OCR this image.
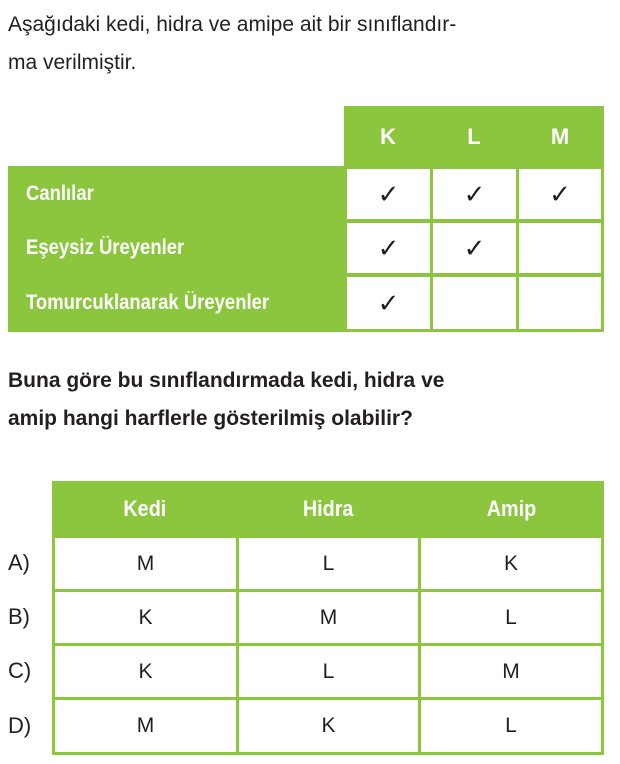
Aşağıdaki kedi, hidra ve amipe ait bir sınıflandır-
ma verilmiştir.

K	L	M
Canlılar	✓	✓	✓
Eşeysiz Üreyenler	✓	✓
Tomurcuklanarak Üreyenler	✓

Buna göre bu sınıflandırmada kedi, hidra ve
amip hangi harflerle gösterilmiş olabilir?

Kedi	Hidra	Amip
A)	M	L	K
B)	K	M	L
C)	K	L	M
D)	M	K	L
